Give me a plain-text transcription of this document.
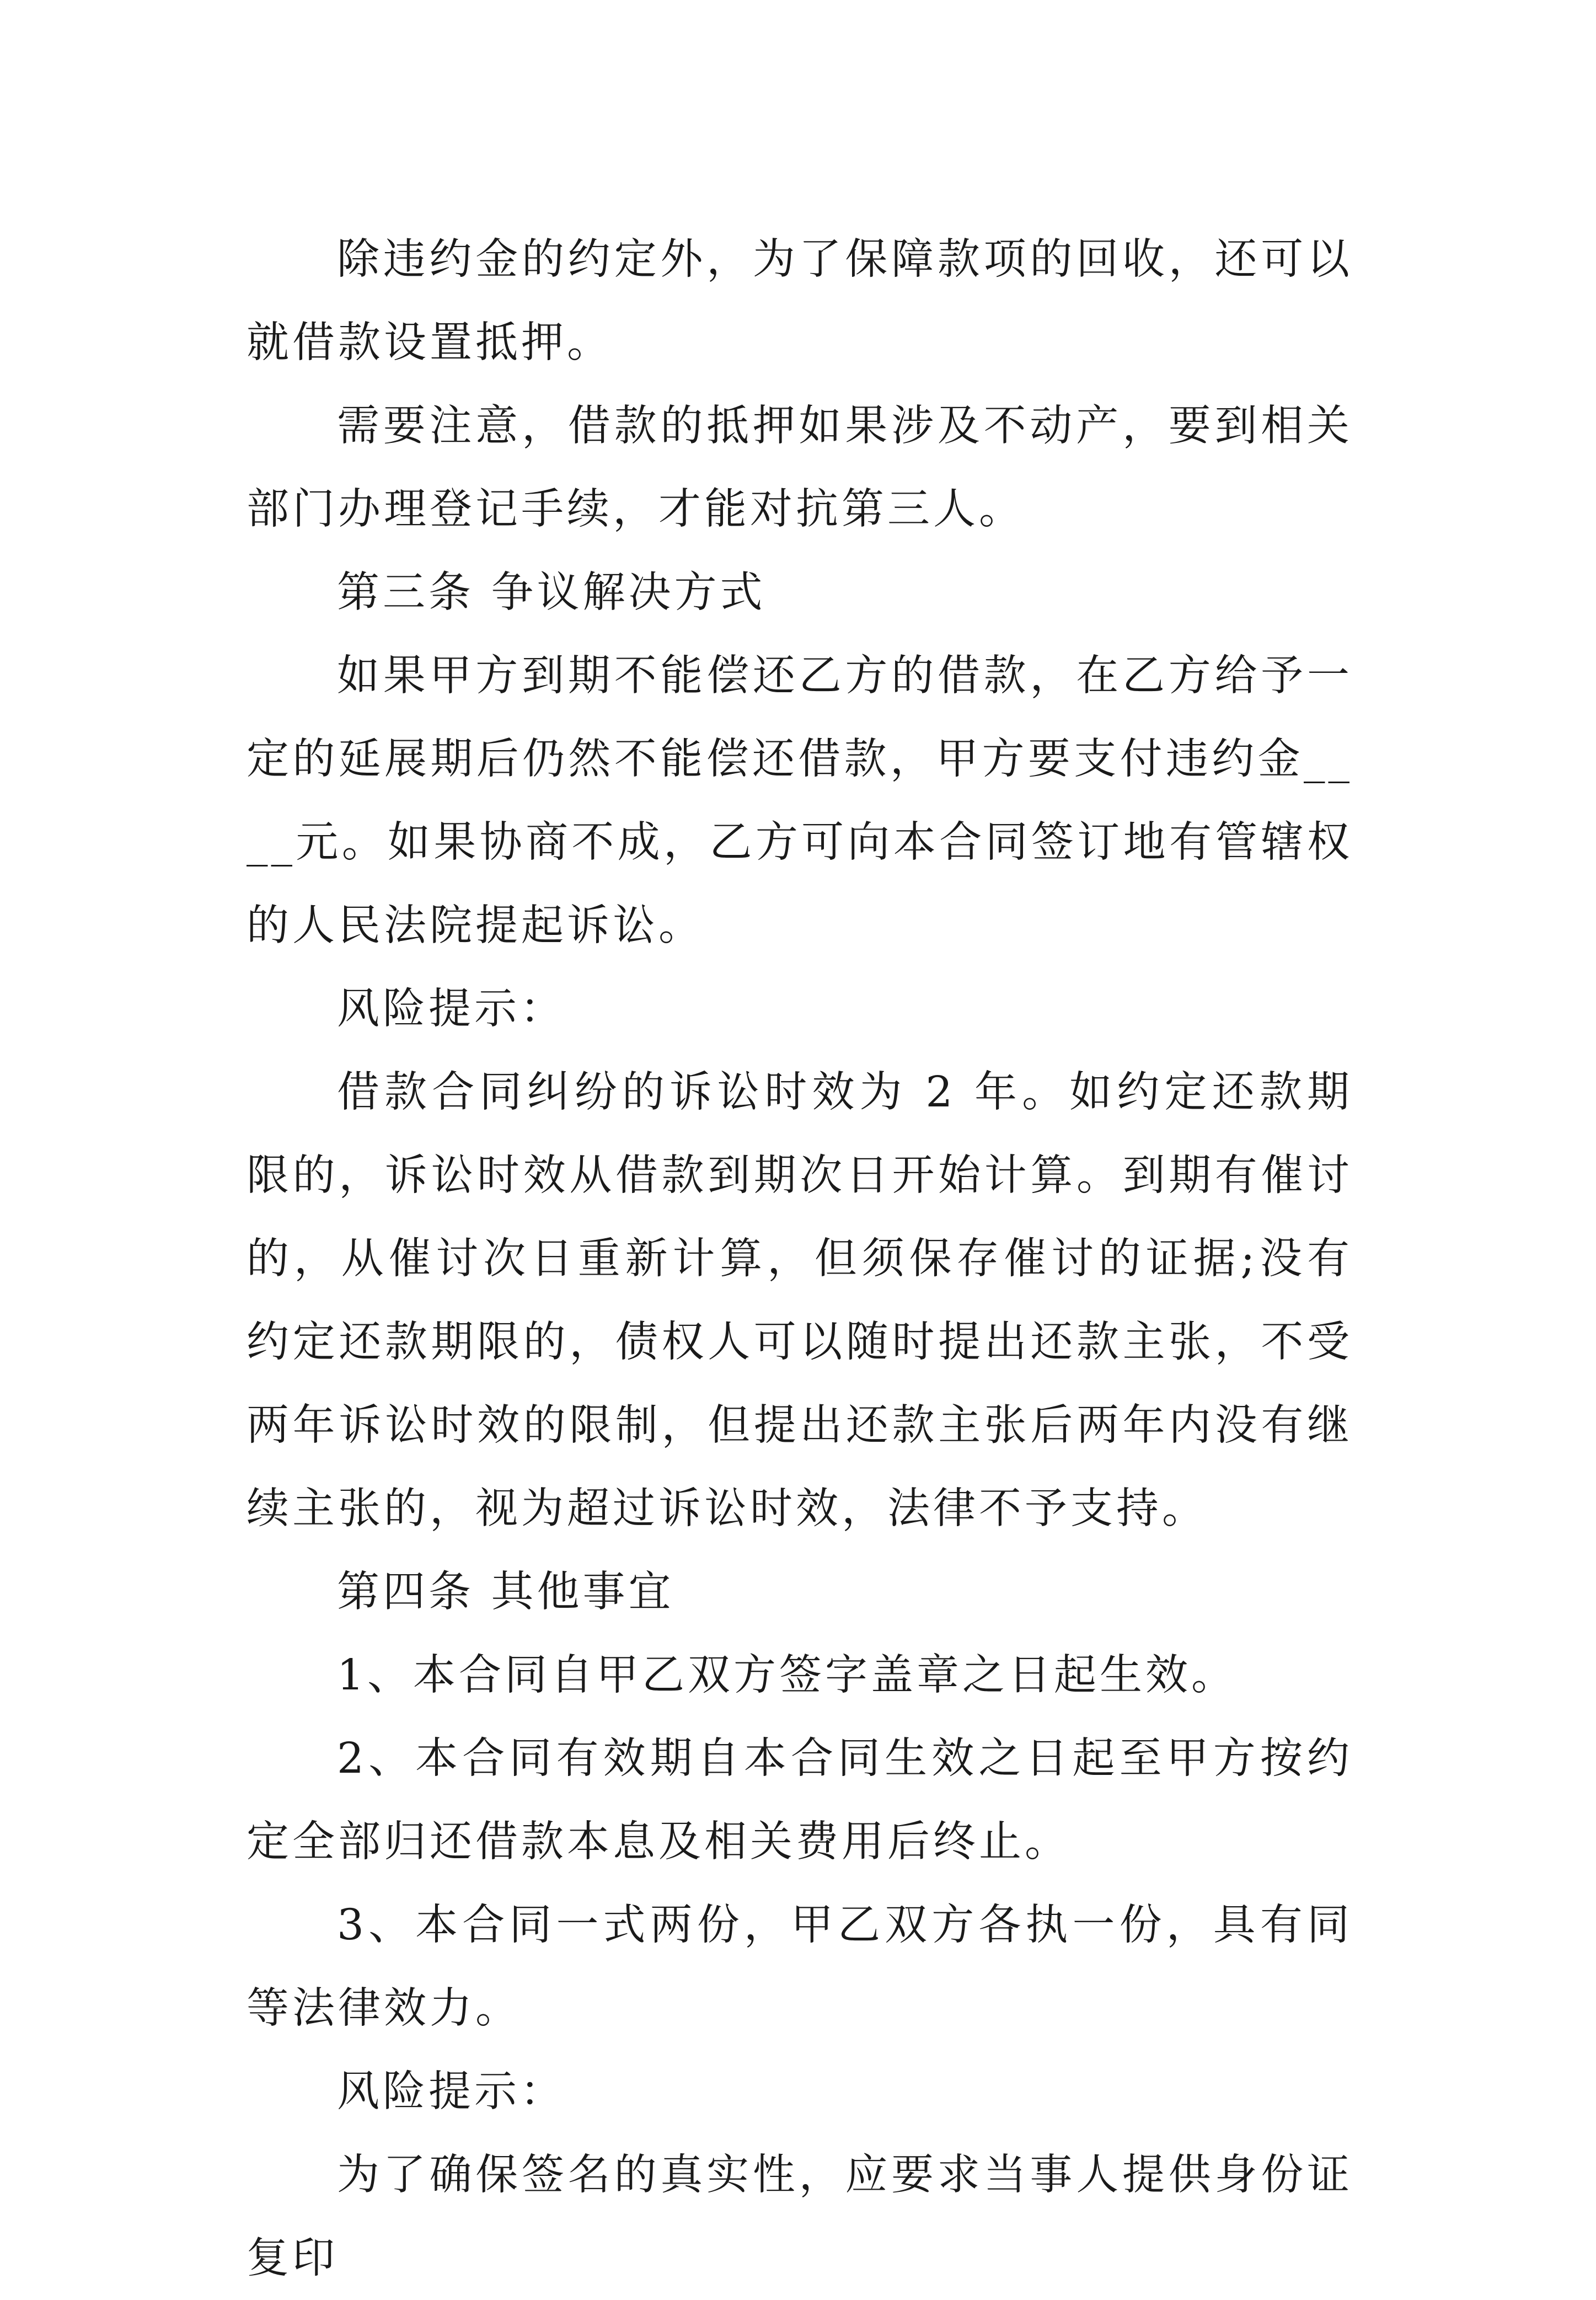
除违约金的约定外，为了保障款项的回收，还可以就借款设置抵押。

需要注意，借款的抵押如果涉及不动产，要到相关部门办理登记手续，才能对抗第三人。

第三条 争议解决方式

如果甲方到期不能偿还乙方的借款，在乙方给予一定的延展期后仍然不能偿还借款，甲方要支付违约金____元。如果协商不成，乙方可向本合同签订地有管辖权的人民法院提起诉讼。

风险提示：

借款合同纠纷的诉讼时效为 2 年。如约定还款期限的，诉讼时效从借款到期次日开始计算。到期有催讨的，从催讨次日重新计算，但须保存催讨的证据;没有约定还款期限的，债权人可以随时提出还款主张，不受两年诉讼时效的限制，但提出还款主张后两年内没有继续主张的，视为超过诉讼时效，法律不予支持。

第四条 其他事宜

1、本合同自甲乙双方签字盖章之日起生效。

2、本合同有效期自本合同生效之日起至甲方按约定全部归还借款本息及相关费用后终止。

3、本合同一式两份，甲乙双方各执一份，具有同等法律效力。

风险提示：

为了确保签名的真实性，应要求当事人提供身份证复印
